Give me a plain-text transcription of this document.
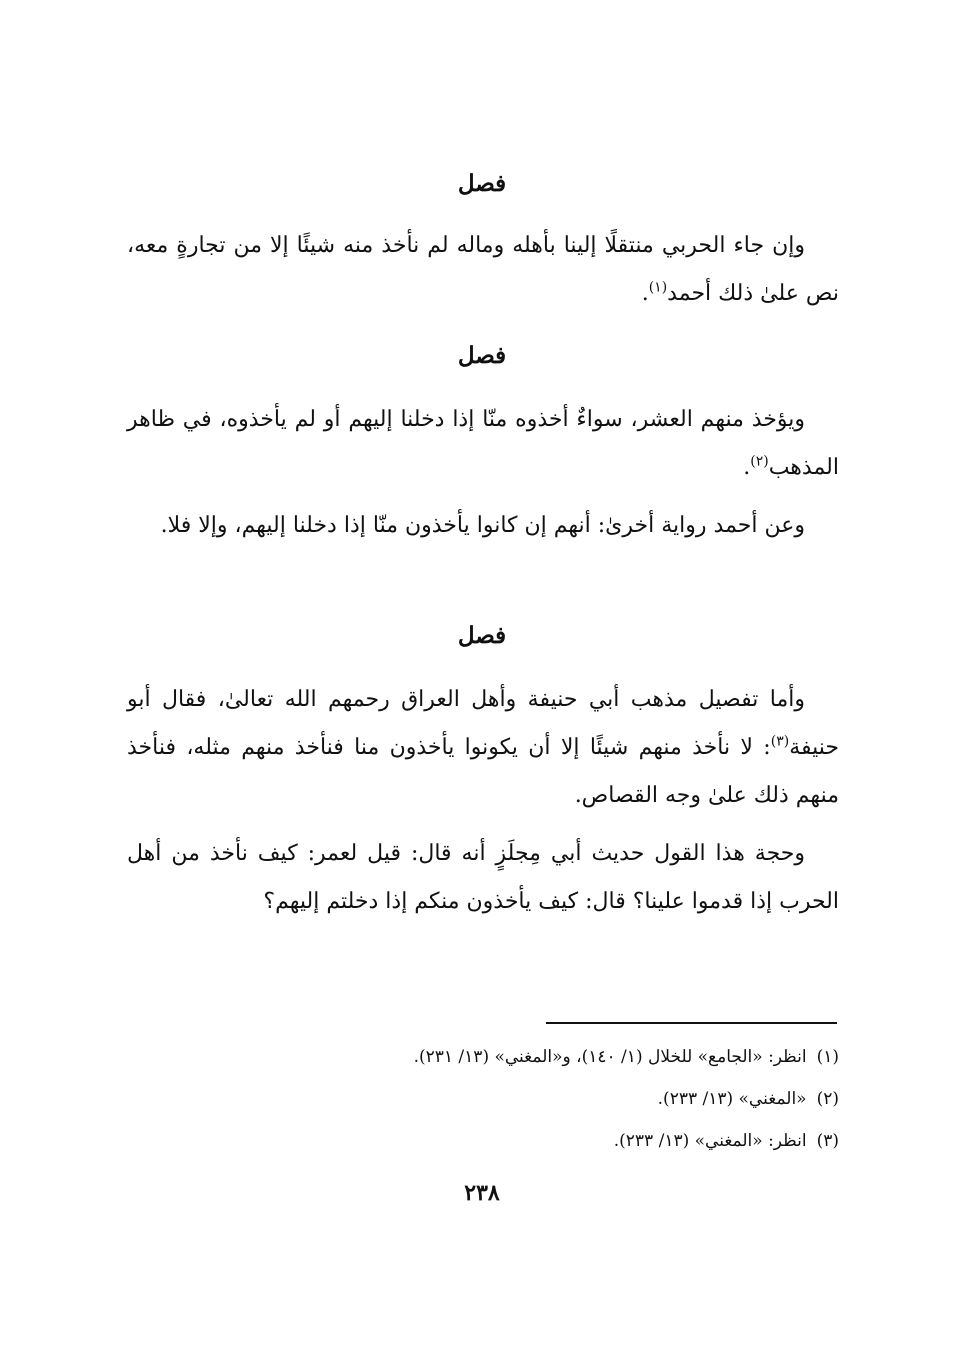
فصل

وإن جاء الحربي منتقلًا إلينا بأهله وماله لم نأخذ منه شيئًا إلا من تجارةٍ معه، نص علىٰ ذلك أحمد$^{(١)}$.

فصل

ويؤخذ منهم العشر، سواءٌ أخذوه منّا إذا دخلنا إليهم أو لم يأخذوه، في ظاهر المذهب$^{(٢)}$.

وعن أحمد رواية أخرىٰ: أنهم إن كانوا يأخذون منّا إذا دخلنا إليهم، وإلا فلا.

فصل

وأما تفصيل مذهب أبي حنيفة وأهل العراق رحمهم الله تعالىٰ، فقال أبو حنيفة$^{(٣)}$: لا نأخذ منهم شيئًا إلا أن يكونوا يأخذون منا فنأخذ منهم مثله، فنأخذ منهم ذلك علىٰ وجه القصاص.

وحجة هذا القول حديث أبي مِجلَزٍ أنه قال: قيل لعمر: كيف نأخذ من أهل الحرب إذا قدموا علينا؟ قال: كيف يأخذون منكم إذا دخلتم إليهم؟

(١)انظر: «الجامع» للخلال (١/ ١٤٠)، و«المغني» (١٣/ ٢٣١).
(٢)«المغني» (١٣/ ٢٣٣).
(٣)انظر: «المغني» (١٣/ ٢٣٣).
٢٣٨
